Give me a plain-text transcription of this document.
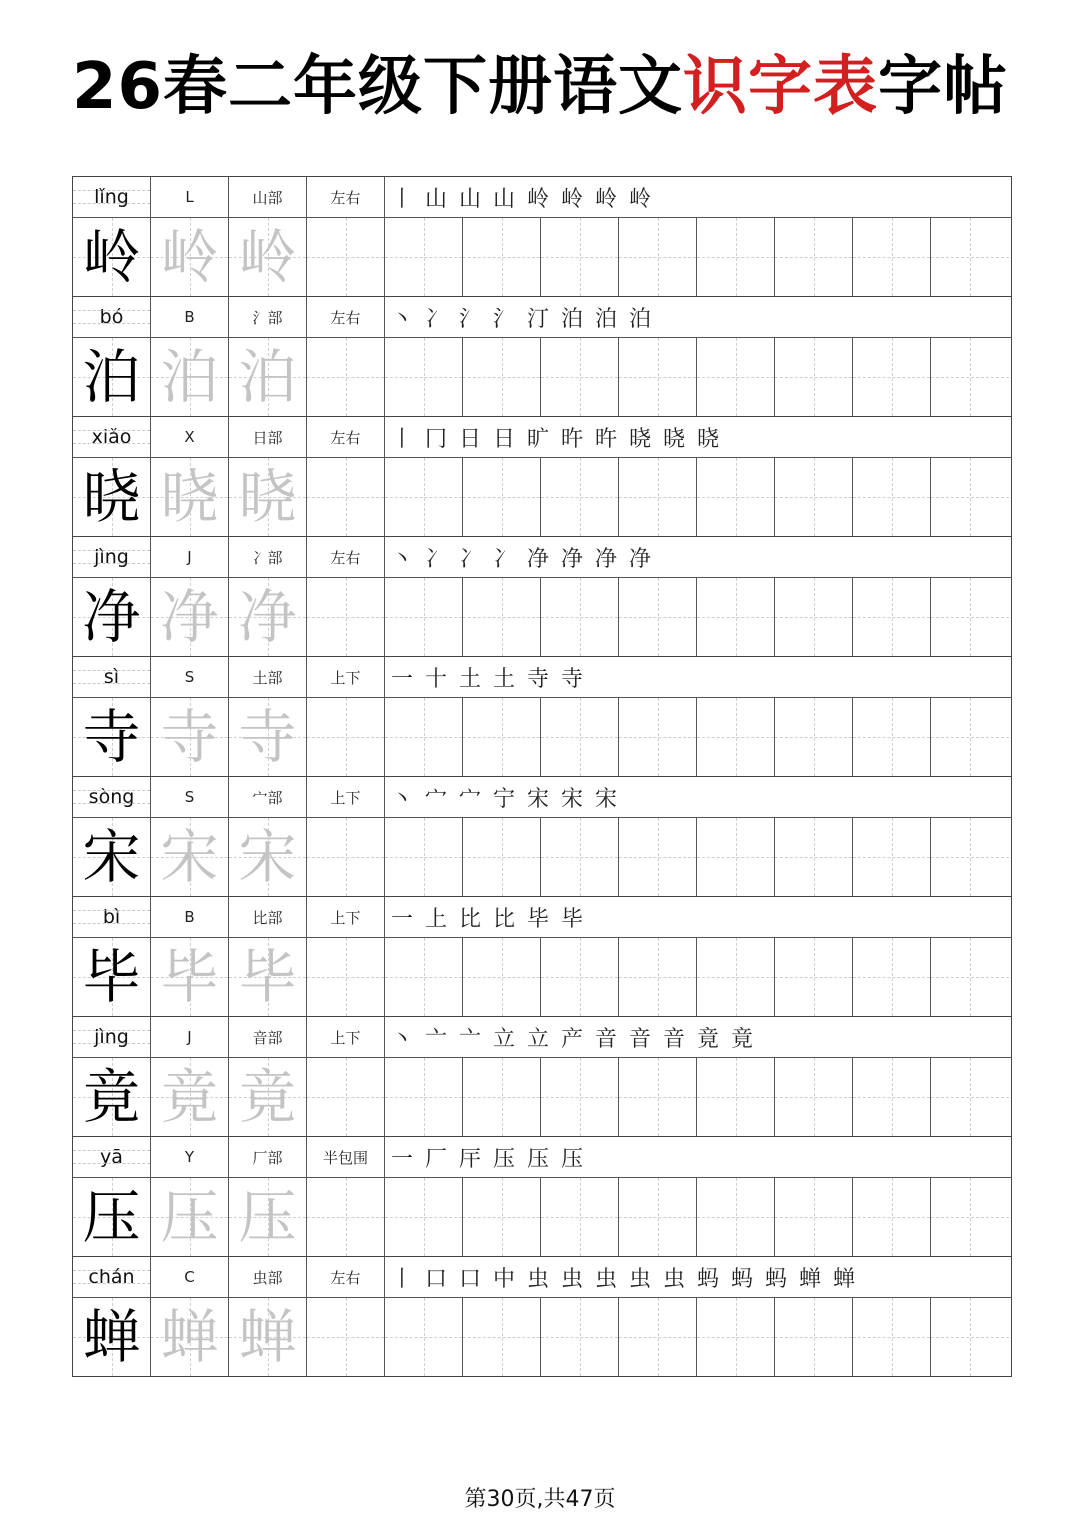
26春二年级下册语文识字表字帖
lǐng	L	山部	左右	丨 山 山 山 岭 岭 岭 岭
岭 岭 岭
bó	B	氵部	左右	丶 冫 氵 氵 汀 泊 泊 泊
泊 泊 泊
xiǎo	X	日部	左右	丨 冂 日 日 旷 旿 旿 晓 晓 晓
晓 晓 晓
jìng	J	冫部	左右	丶 冫 冫 冫 净 净 净 净
净 净 净
sì	S	土部	上下	一 十 土 土 寺 寺
寺 寺 寺
sòng	S	宀部	上下	丶 宀 宀 宁 宋 宋 宋
宋 宋 宋
bì	B	比部	上下	一 上 比 比 毕 毕
毕 毕 毕
jìng	J	音部	上下	丶 亠 亠 立 立 产 音 音 音 竟 竟
竟 竟 竟
yā	Y	厂部	半包围	一 厂 厈 压 压 压
压 压 压
chán	C	虫部	左右	丨 口 口 中 虫 虫 虫 虫 虫 蚂 蚂 蚂 蝉 蝉
蝉 蝉 蝉
第30页,共47页
